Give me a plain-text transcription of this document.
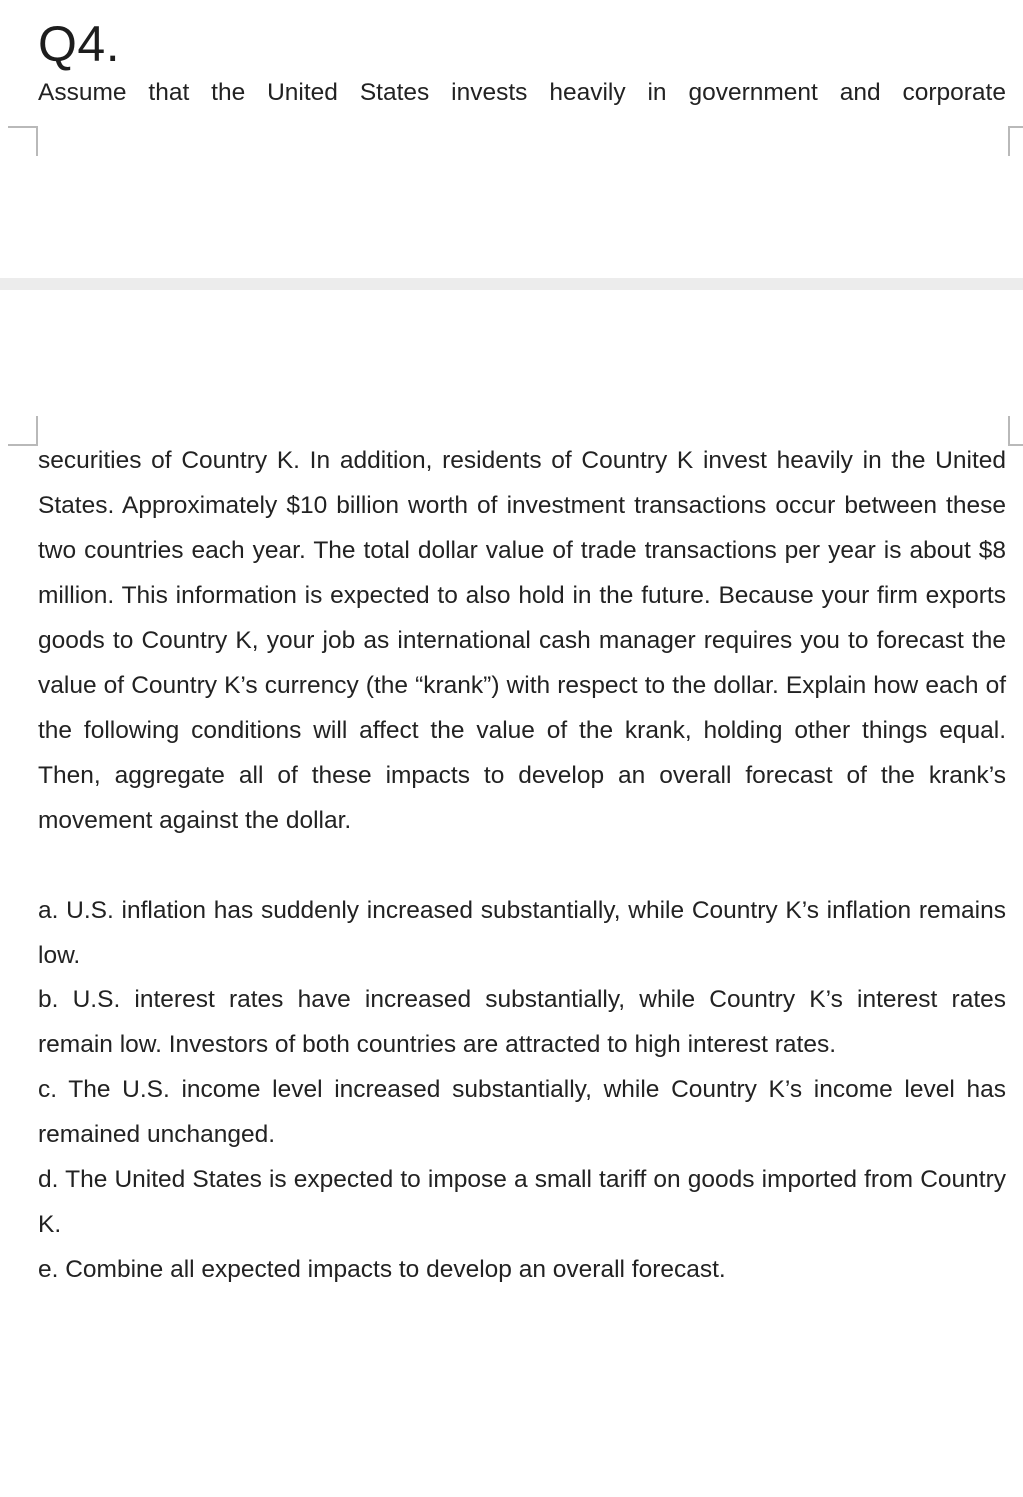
Q4.

Assume that the United States invests heavily in government and corporate

securities of Country K. In addition, residents of Country K invest heavily in the United States. Approximately $10 billion worth of investment transactions occur between these two countries each year. The total dollar value of trade transactions per year is about $8 million. This information is expected to also hold in the future. Because your firm exports goods to Country K, your job as international cash manager requires you to forecast the value of Country K’s currency (the “krank”) with respect to the dollar. Explain how each of the following conditions will affect the value of the krank, holding other things equal. Then, aggregate all of these impacts to develop an overall forecast of the krank’s movement against the dollar.

a. U.S. inflation has suddenly increased substantially, while Country K’s inflation remains low.

b. U.S. interest rates have increased substantially, while Country K’s interest rates remain low. Investors of both countries are attracted to high interest rates.

c. The U.S. income level increased substantially, while Country K’s income level has remained unchanged.

d. The United States is expected to impose a small tariff on goods imported from Country K.

e. Combine all expected impacts to develop an overall forecast.
